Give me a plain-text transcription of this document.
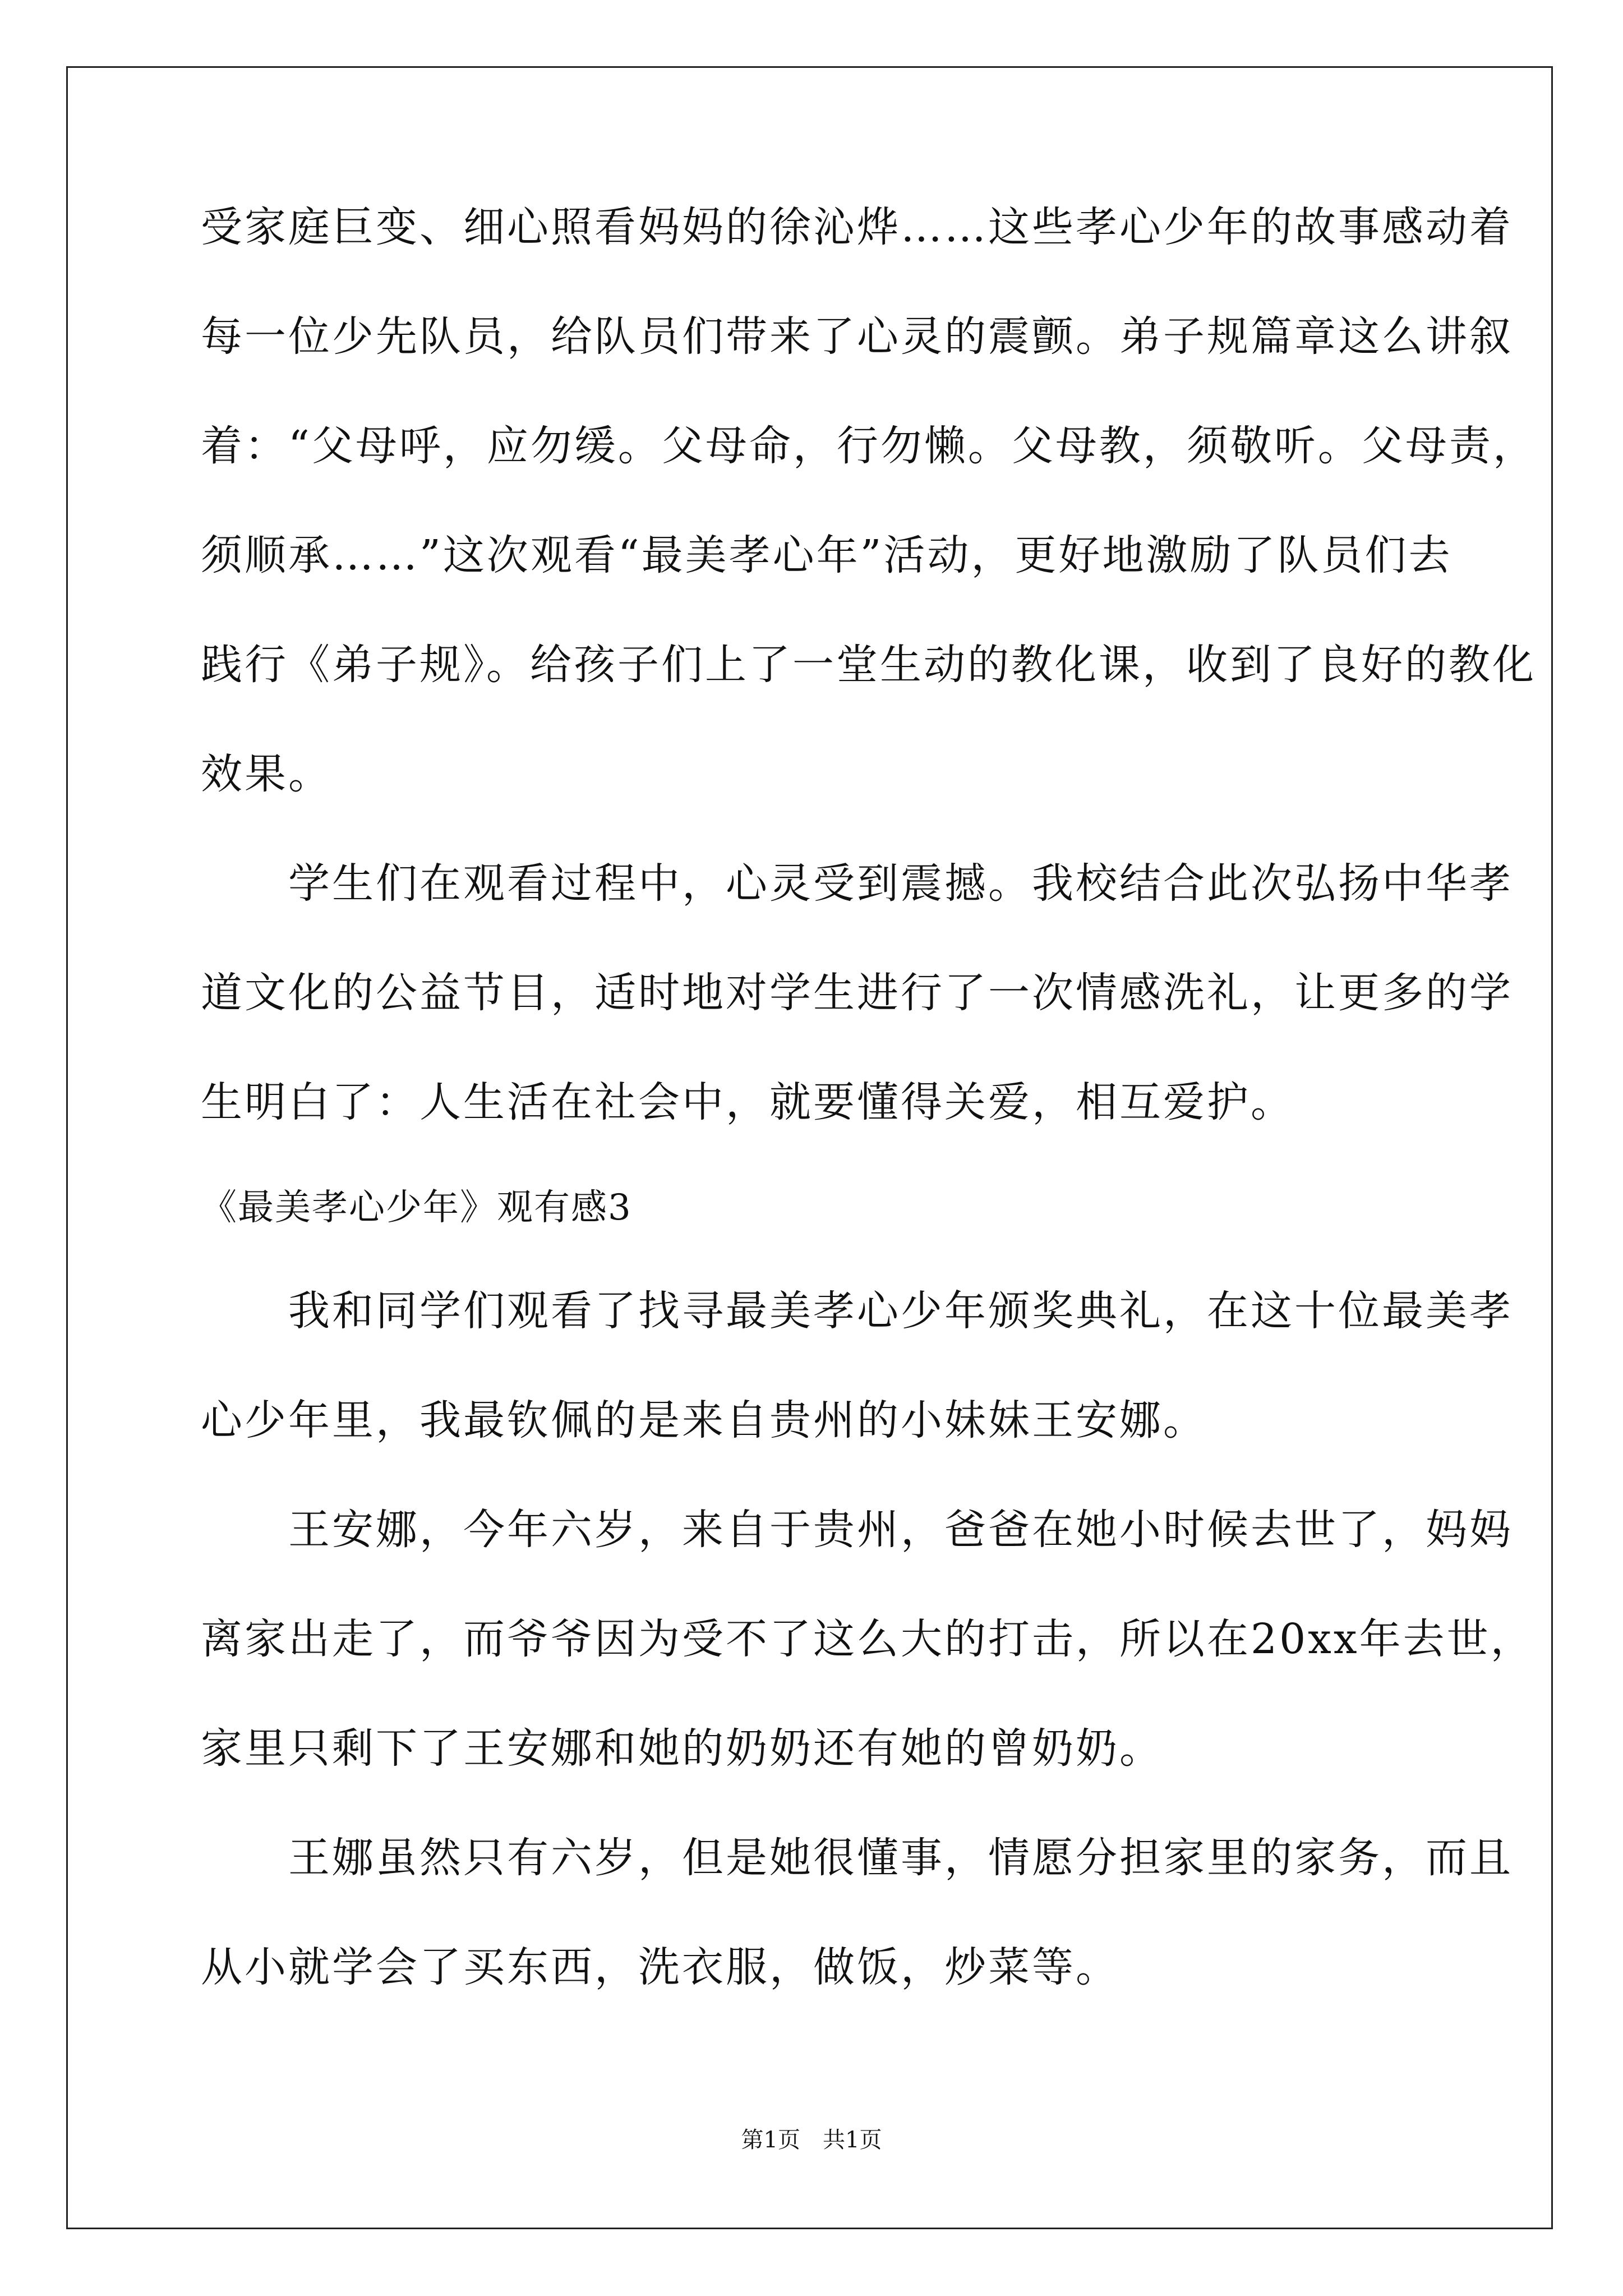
受家庭巨变、细心照看妈妈的徐沁烨……这些孝心少年的故事感动着
每一位少先队员，给队员们带来了心灵的震颤。弟子规篇章这么讲叙
着：“父母呼，应勿缓。父母命，行勿懒。父母教，须敬听。父母责，
须顺承……”这次观看“最美孝心年”活动，更好地激励了队员们去
践行《弟子规》。给孩子们上了一堂生动的教化课，收到了良好的教化
效果。
　　学生们在观看过程中，心灵受到震撼。我校结合此次弘扬中华孝
道文化的公益节目，适时地对学生进行了一次情感洗礼，让更多的学
生明白了：人生活在社会中，就要懂得关爱，相互爱护。
《最美孝心少年》观有感3
　　我和同学们观看了找寻最美孝心少年颁奖典礼，在这十位最美孝
心少年里，我最钦佩的是来自贵州的小妹妹王安娜。
　　王安娜，今年六岁，来自于贵州，爸爸在她小时候去世了，妈妈
离家出走了，而爷爷因为受不了这么大的打击，所以在20xx年去世，
家里只剩下了王安娜和她的奶奶还有她的曾奶奶。
　　王娜虽然只有六岁，但是她很懂事，情愿分担家里的家务，而且
从小就学会了买东西，洗衣服，做饭，炒菜等。
第1页　共1页
